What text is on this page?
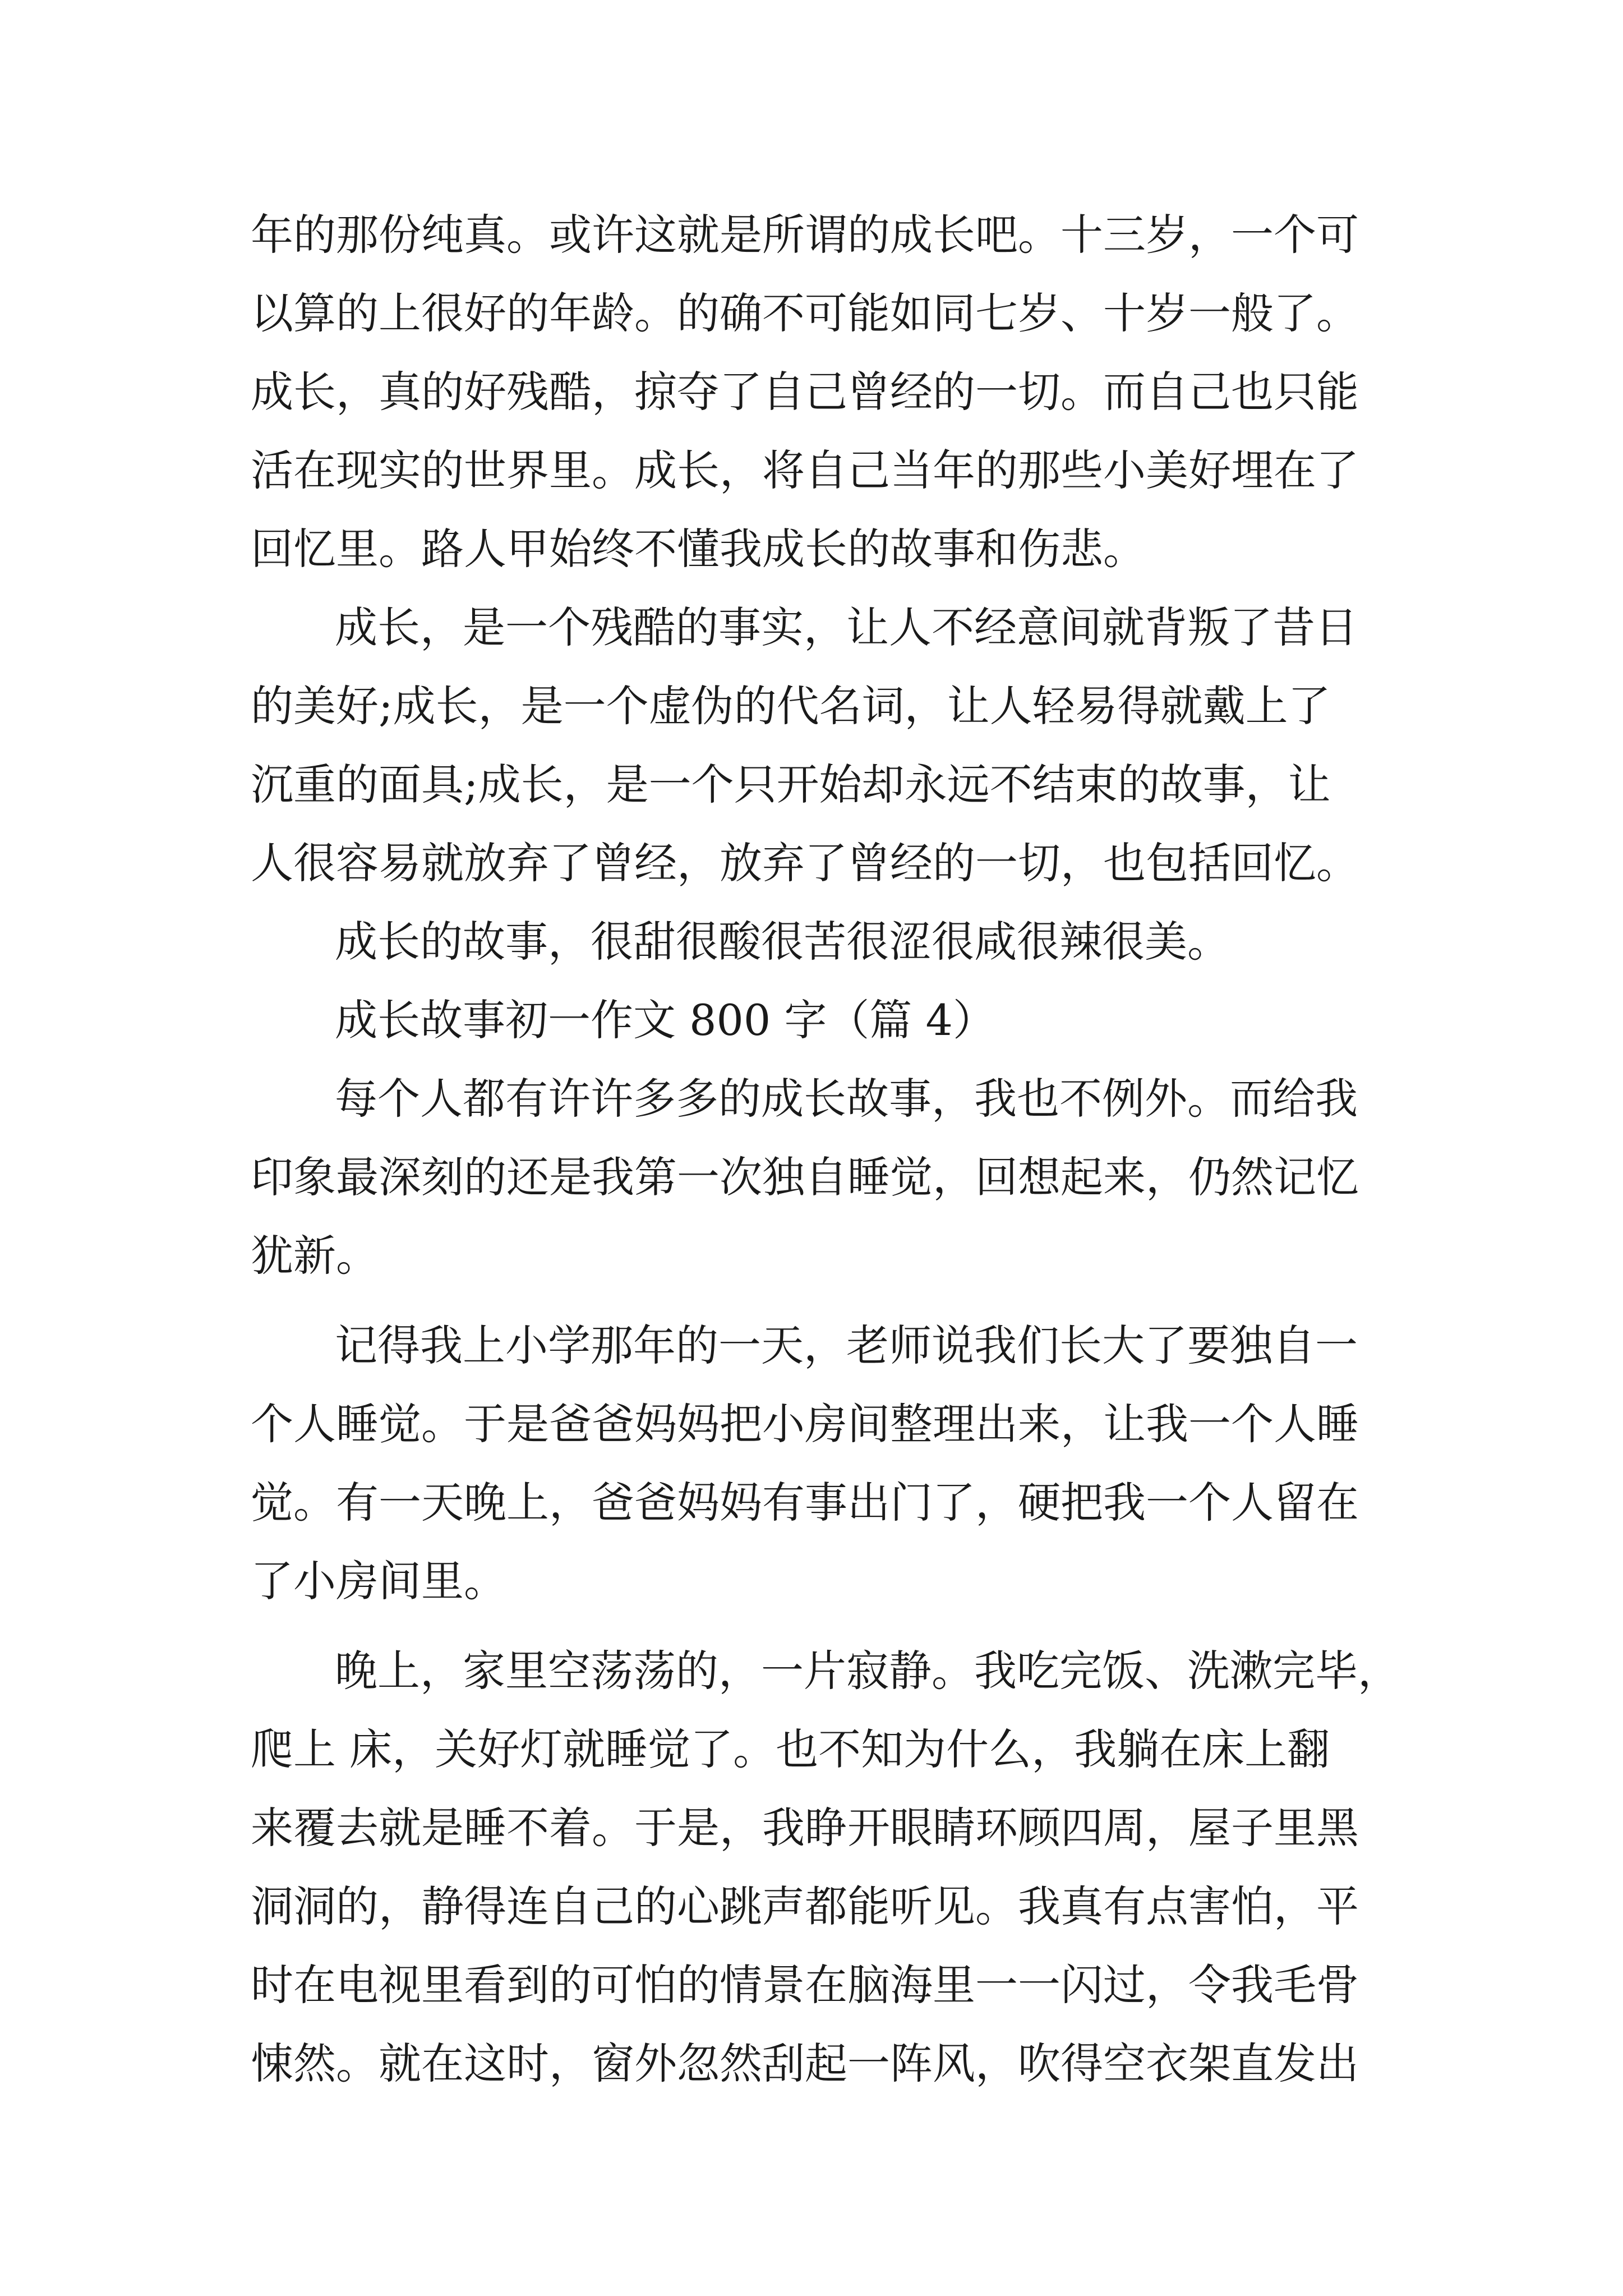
年的那份纯真。或许这就是所谓的成长吧。十三岁，一个可

以算的上很好的年龄。的确不可能如同七岁、十岁一般了。

成长，真的好残酷，掠夺了自己曾经的一切。而自己也只能

活在现实的世界里。成长，将自己当年的那些小美好埋在了

回忆里。路人甲始终不懂我成长的故事和伤悲。

成长，是一个残酷的事实，让人不经意间就背叛了昔日

的美好;成长，是一个虚伪的代名词，让人轻易得就戴上了

沉重的面具;成长，是一个只开始却永远不结束的故事，让

人很容易就放弃了曾经，放弃了曾经的一切，也包括回忆。

成长的故事，很甜很酸很苦很涩很咸很辣很美。

成长故事初一作文 800 字（篇 4）

每个人都有许许多多的成长故事，我也不例外。而给我

印象最深刻的还是我第一次独自睡觉，回想起来，仍然记忆

犹新。

记得我上小学那年的一天，老师说我们长大了要独自一

个人睡觉。于是爸爸妈妈把小房间整理出来，让我一个人睡

觉。有一天晚上，爸爸妈妈有事出门了，硬把我一个人留在

了小房间里。

晚上，家里空荡荡的，一片寂静。我吃完饭、洗漱完毕，

爬上 床，关好灯就睡觉了。也不知为什么，我躺在床上翻

来覆去就是睡不着。于是，我睁开眼睛环顾四周，屋子里黑

洞洞的，静得连自己的心跳声都能听见。我真有点害怕，平

时在电视里看到的可怕的情景在脑海里一一闪过，令我毛骨

悚然。就在这时，窗外忽然刮起一阵风，吹得空衣架直发出
